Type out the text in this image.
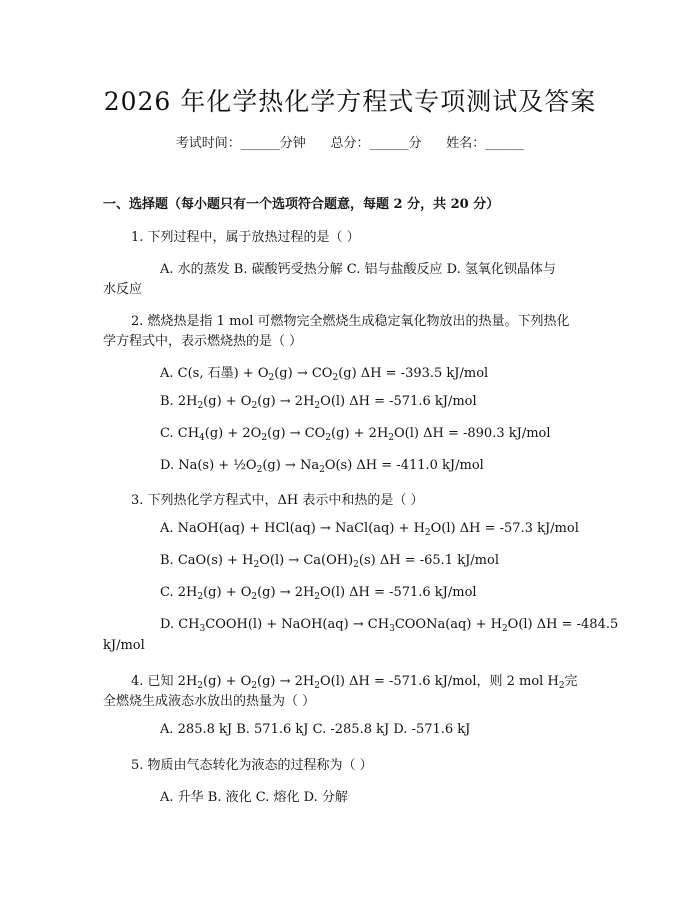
2026 年化学热化学方程式专项测试及答案
考试时间：______分钟      总分：______分      姓名：______
一、选择题（每小题只有一个选项符合题意，每题 2 分，共 20 分）
1. 下列过程中，属于放热过程的是（ ）
A. 水的蒸发 B. 碳酸钙受热分解 C. 铝与盐酸反应 D. 氢氧化钡晶体与
水反应
2. 燃烧热是指 1 mol 可燃物完全燃烧生成稳定氧化物放出的热量。下列热化
学方程式中，表示燃烧热的是（ ）
A. C(s, 石墨) + $O_2(g) \to CO_2(g) \Delta H = -393.5$ kJ/mol
B. $2H_2(g) + O_2(g) \to 2H_2O(l) \Delta H = -571.6$ kJ/mol
C. $CH_4(g) + 2O_2(g) \to CO_2(g) + 2H_2O(l) \Delta H = -890.3$ kJ/mol
D. $Na(s) + \frac{1}{2}O_2(g) \to Na_2O(s) \Delta H = -411.0$ kJ/mol
3. 下列热化学方程式中，ΔH 表示中和热的是（ ）
A. NaOH(aq) + HCl(aq) → NaCl(aq) + $H_2O(l) \Delta H = -57.3$ kJ/mol
B. $CaO(s) + H_2O(l) \to Ca(OH)_2(s) \Delta H = -65.1$ kJ/mol
C. $2H_2(g) + O_2(g) \to 2H_2O(l) \Delta H = -571.6$ kJ/mol
D. $CH_3COOH(l)$ + NaOH(aq) → $CH_3COONa(aq) + H_2O(l) \Delta H = -484.5$
kJ/mol
4. 已知 $2H_2(g) + O_2(g) \to 2H_2O(l) \Delta H = -571.6$ kJ/mol，则 2 mol $H_2$完
全燃烧生成液态水放出的热量为（ ）
A. 285.8 kJ B. 571.6 kJ C. -285.8 kJ D. -571.6 kJ
5. 物质由气态转化为液态的过程称为（ ）
A. 升华 B. 液化 C. 熔化 D. 分解
